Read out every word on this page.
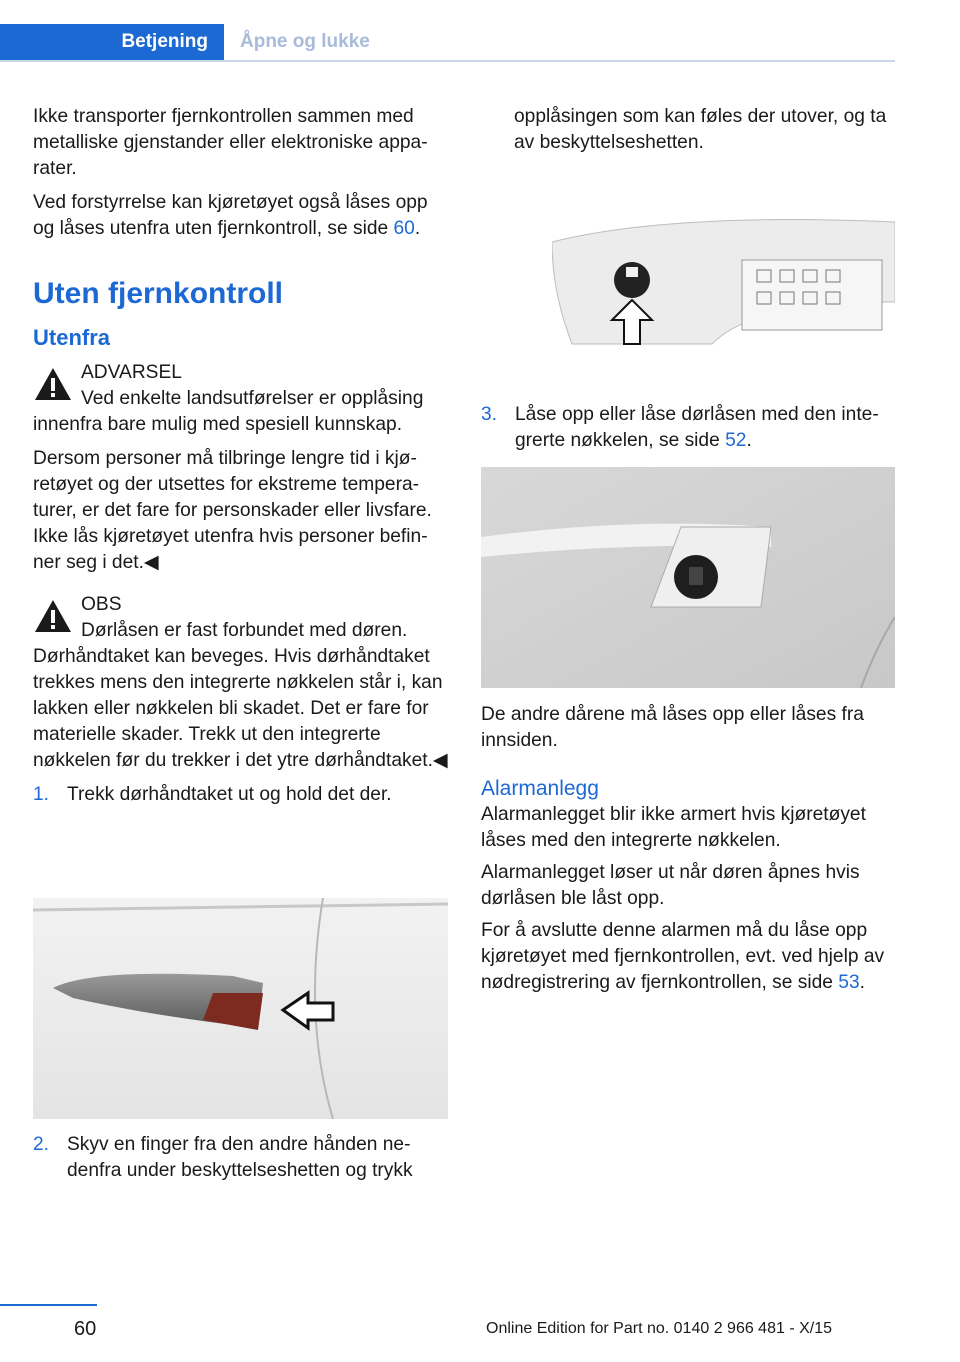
Betjening	Åpne og lukke

Ikke transporter fjernkontrollen sammen med metalliske gjenstander eller elektroniske apparater.

Ved forstyrrelse kan kjøretøyet også låses opp og låses utenfra uten fjernkontroll, se side 60.

Uten fjernkontroll
Utenfra

ADVARSEL

Ved enkelte landsutførelser er opplåsing

innenfra bare mulig med spesiell kunnskap.

Dersom personer må tilbringe lengre tid i kjøretøyet og der utsettes for ekstreme temperaturer, er det fare for personskader eller livsfare. Ikke lås kjøretøyet utenfra hvis personer befinner seg i det.◀

OBS

Dørlåsen er fast forbundet med døren.

Dørhåndtaket kan beveges. Hvis dørhåndtaket trekkes mens den integrerte nøkkelen står i, kan lakken eller nøkkelen bli skadet. Det er fare for materielle skader. Trekk ut den integrerte nøkkelen før du trekker i det ytre dørhåndtaket.◀

1. Trekk dørhåndtaket ut og hold det der.
2. Skyv en finger fra den andre hånden nedenfra under beskyttelseshetten og trykk

opplåsingen som kan føles der utover, og ta av beskyttelseshetten.

3. Låse opp eller låse dørlåsen med den integrerte nøkkelen, se side 52.

De andre dårene må låses opp eller låses fra innsiden.

Alarmanlegg

Alarmanlegget blir ikke armert hvis kjøretøyet låses med den integrerte nøkkelen.

Alarmanlegget løser ut når døren åpnes hvis dørlåsen ble låst opp.

For å avslutte denne alarmen må du låse opp kjøretøyet med fjernkontrollen, evt. ved hjelp av nødregistrering av fjernkontrollen, se side 53.

60	Online Edition for Part no. 0140 2 966 481 - X/15
